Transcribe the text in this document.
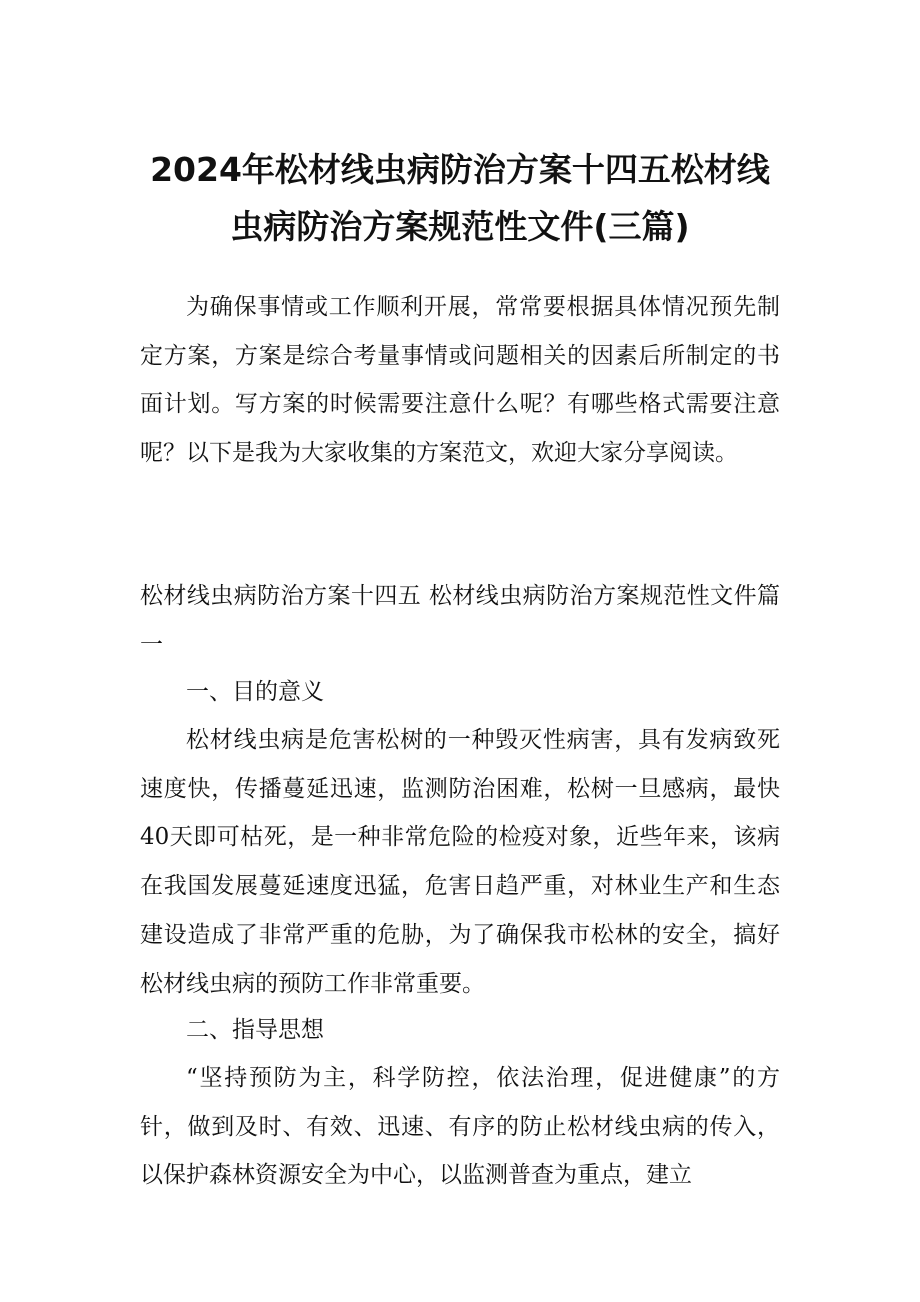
2024年松材线虫病防治方案十四五松材线
虫病防治方案规范性文件(三篇)
为确保事情或工作顺利开展，常常要根据具体情况预先制定方案，方案是综合考量事情或问题相关的因素后所制定的书面计划。写方案的时候需要注意什么呢？有哪些格式需要注意呢？以下是我为大家收集的方案范文，欢迎大家分享阅读。
松材线虫病防治方案十四五 松材线虫病防治方案规范性文件篇一
一、目的意义
松材线虫病是危害松树的一种毁灭性病害，具有发病致死速度快，传播蔓延迅速，监测防治困难，松树一旦感病，最快40天即可枯死，是一种非常危险的检疫对象，近些年来，该病在我国发展蔓延速度迅猛，危害日趋严重，对林业生产和生态建设造成了非常严重的危胁，为了确保我市松林的安全，搞好松材线虫病的预防工作非常重要。
二、指导思想
“坚持预防为主，科学防控，依法治理，促进健康”的方针，做到及时、有效、迅速、有序的防止松材线虫病的传入，以保护森林资源安全为中心，以监测普查为重点，建立
